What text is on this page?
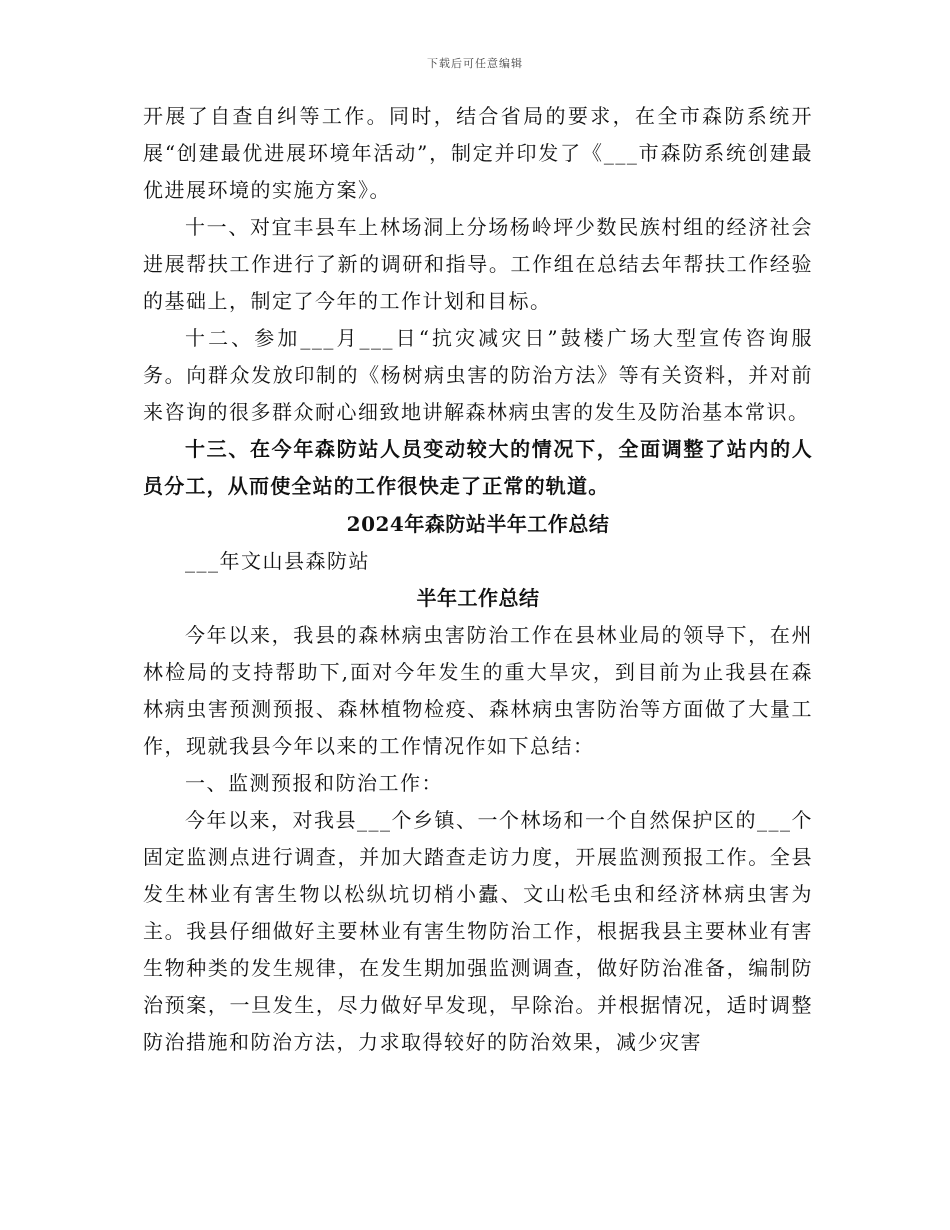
下载后可任意编辑

开展了自查自纠等工作。同时，结合省局的要求，在全市森防系统开展“创建最优进展环境年活动”，制定并印发了《___市森防系统创建最优进展环境的实施方案》。

十一、对宜丰县车上林场洞上分场杨岭坪少数民族村组的经济社会进展帮扶工作进行了新的调研和指导。工作组在总结去年帮扶工作经验的基础上，制定了今年的工作计划和目标。

十二、参加___月___日“抗灾减灾日”鼓楼广场大型宣传咨询服务。向群众发放印制的《杨树病虫害的防治方法》等有关资料，并对前来咨询的很多群众耐心细致地讲解森林病虫害的发生及防治基本常识。

十三、在今年森防站人员变动较大的情况下，全面调整了站内的人员分工，从而使全站的工作很快走了正常的轨道。

2024年森防站半年工作总结

___年文山县森防站

半年工作总结

今年以来，我县的森林病虫害防治工作在县林业局的领导下，在州林检局的支持帮助下,面对今年发生的重大旱灾，到目前为止我县在森林病虫害预测预报、森林植物检疫、森林病虫害防治等方面做了大量工作，现就我县今年以来的工作情况作如下总结：

一、监测预报和防治工作：

今年以来，对我县___个乡镇、一个林场和一个自然保护区的___个固定监测点进行调查，并加大踏查走访力度，开展监测预报工作。全县发生林业有害生物以松纵坑切梢小蠹、文山松毛虫和经济林病虫害为主。我县仔细做好主要林业有害生物防治工作，根据我县主要林业有害生物种类的发生规律，在发生期加强监测调查，做好防治准备，编制防治预案，一旦发生，尽力做好早发现，早除治。并根据情况，适时调整防治措施和防治方法，力求取得较好的防治效果，减少灾害
